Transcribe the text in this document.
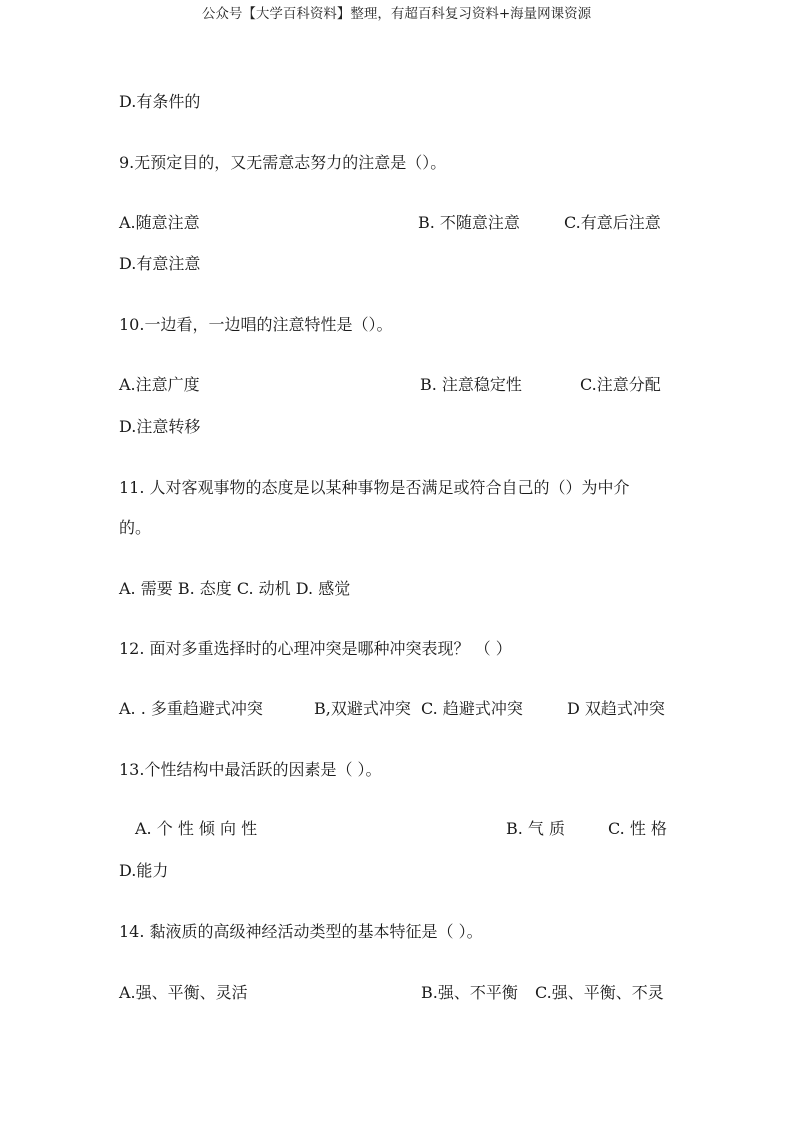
公众号【大学百科资料】整理，有超百科复习资料+海量网课资源
D.有条件的
9.无预定目的，又无需意志努力的注意是（）。
A.随意注意	B. 不随意注意	C.有意后注意
D.有意注意
10.一边看，一边唱的注意特性是（）。
A.注意广度	B. 注意稳定性	C.注意分配
D.注意转移
11. 人对客观事物的态度是以某种事物是否满足或符合自己的（）为中介
的。
A. 需要 B. 态度 C. 动机 D. 感觉
12. 面对多重选择时的心理冲突是哪种冲突表现？ （ ）
A. . 多重趋避式冲突	B,双避式冲突 C. 趋避式冲突	D 双趋式冲突
13.个性结构中最活跃的因素是（ ）。
A. 个 性 倾 向 性	B. 气 质	C. 性 格
D.能力
14. 黏液质的高级神经活动类型的基本特征是（ ）。
A.强、平衡、灵活	B.强、不平衡 C.强、平衡、不灵
